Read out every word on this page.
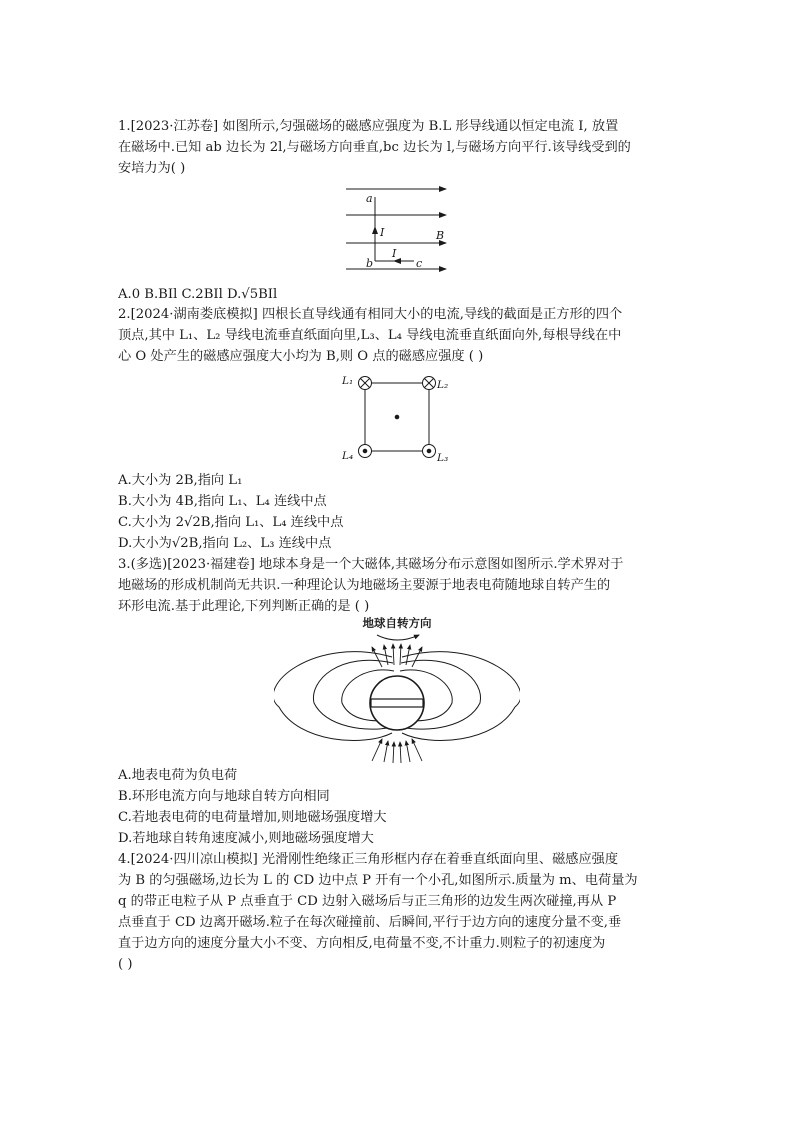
1.[2023·江苏卷] 如图所示,匀强磁场的磁感应强度为 B.L 形导线通以恒定电流 I, 放置
在磁场中.已知 ab 边长为 2l,与磁场方向垂直,bc 边长为 l,与磁场方向平行.该导线受到的
安培力为( )
a
b	c
I
I
B
A.0 B.BIl C.2BIl D.√5BIl
2.[2024·湖南娄底模拟] 四根长直导线通有相同大小的电流,导线的截面是正方形的四个
顶点,其中 L₁、L₂ 导线电流垂直纸面向里,L₃、L₄ 导线电流垂直纸面向外,每根导线在中
心 O 处产生的磁感应强度大小均为 B,则 O 点的磁感应强度 ( )
L₁	L₂
L₃
L₄
A.大小为 2B,指向 L₁
B.大小为 4B,指向 L₁、L₄ 连线中点
C.大小为 2√2B,指向 L₁、L₄ 连线中点
D.大小为√2B,指向 L₂、L₃ 连线中点
3.(多选)[2023·福建卷] 地球本身是一个大磁体,其磁场分布示意图如图所示.学术界对于
地磁场的形成机制尚无共识.一种理论认为地磁场主要源于地表电荷随地球自转产生的
环形电流.基于此理论,下列判断正确的是 ( )
地球自转方向
A.地表电荷为负电荷
B.环形电流方向与地球自转方向相同
C.若地表电荷的电荷量增加,则地磁场强度增大
D.若地球自转角速度减小,则地磁场强度增大
4.[2024·四川凉山模拟] 光滑刚性绝缘正三角形框内存在着垂直纸面向里、磁感应强度
为 B 的匀强磁场,边长为 L 的 CD 边中点 P 开有一个小孔,如图所示.质量为 m、电荷量为
q 的带正电粒子从 P 点垂直于 CD 边射入磁场后与正三角形的边发生两次碰撞,再从 P
点垂直于 CD 边离开磁场.粒子在每次碰撞前、后瞬间,平行于边方向的速度分量不变,垂
直于边方向的速度分量大小不变、方向相反,电荷量不变,不计重力.则粒子的初速度为
( )
